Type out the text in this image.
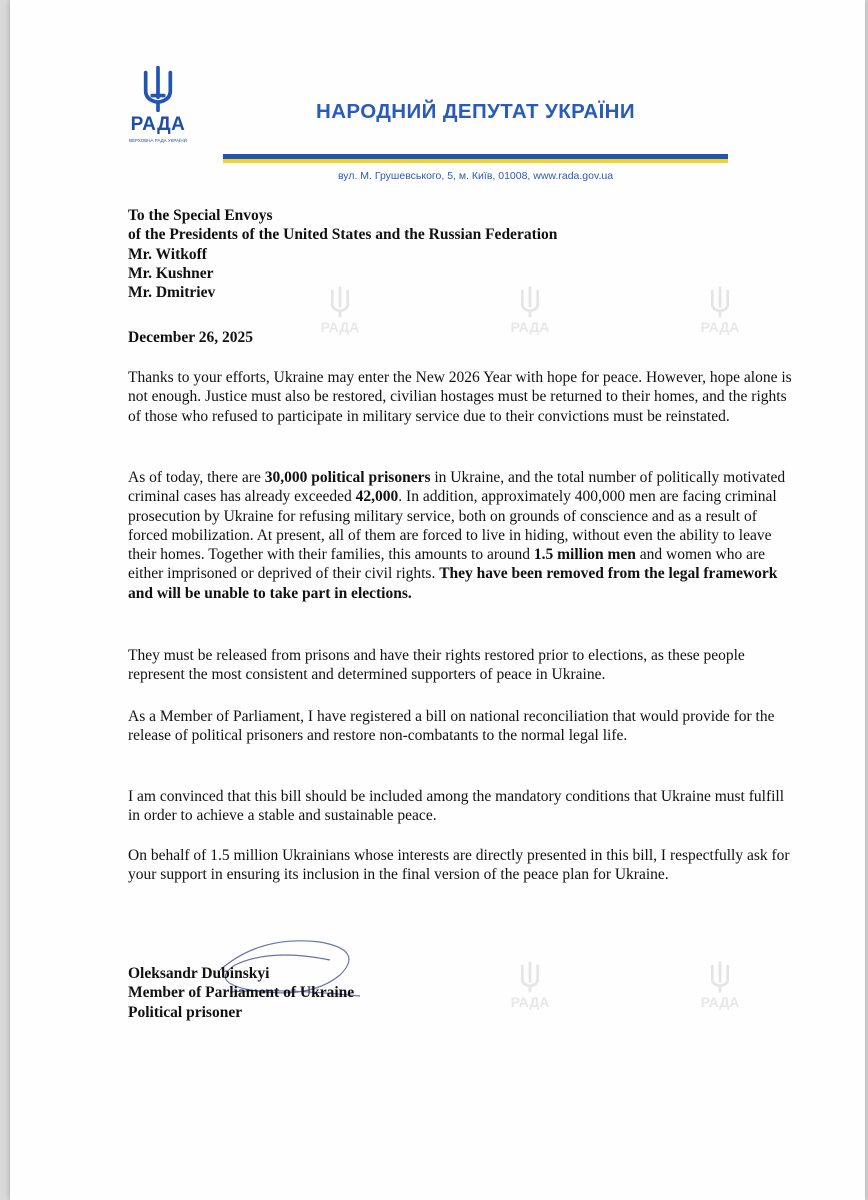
РАДА	РАДА	РАДА
РАДА	РАДА
РАДА
ВЕРХОВНА РАДА УКРАЇНИ
НАРОДНИЙ ДЕПУТАТ УКРАЇНИ
вул. М. Грушевського, 5, м. Київ, 01008, www.rada.gov.ua
To the Special Envoys
of the Presidents of the United States and the Russian Federation
Mr. Witkoff
Mr. Kushner
Mr. Dmitriev
December 26, 2025

Thanks to your efforts, Ukraine may enter the New 2026 Year with hope for peace. However, hope alone is not enough. Justice must also be restored, civilian hostages must be returned to their homes, and the rights of those who refused to participate in military service due to their convictions must be reinstated.

As of today, there are 30,000 political prisoners in Ukraine, and the total number of politically motivated criminal cases has already exceeded 42,000. In addition, approximately 400,000 men are facing criminal prosecution by Ukraine for refusing military service, both on grounds of conscience and as a result of forced mobilization. At present, all of them are forced to live in hiding, without even the ability to leave their homes. Together with their families, this amounts to around 1.5 million men and women who are either imprisoned or deprived of their civil rights. They have been removed from the legal framework and will be unable to take part in elections.

They must be released from prisons and have their rights restored prior to elections, as these people represent the most consistent and determined supporters of peace in Ukraine.

As a Member of Parliament, I have registered a bill on national reconciliation that would provide for the release of political prisoners and restore non-combatants to the normal legal life.

I am convinced that this bill should be included among the mandatory conditions that Ukraine must fulfill in order to achieve a stable and sustainable peace.

On behalf of 1.5 million Ukrainians whose interests are directly presented in this bill, I respectfully ask for your support in ensuring its inclusion in the final version of the peace plan for Ukraine.

Oleksandr Dubinskyi
Member of Parliament of Ukraine
Political prisoner
